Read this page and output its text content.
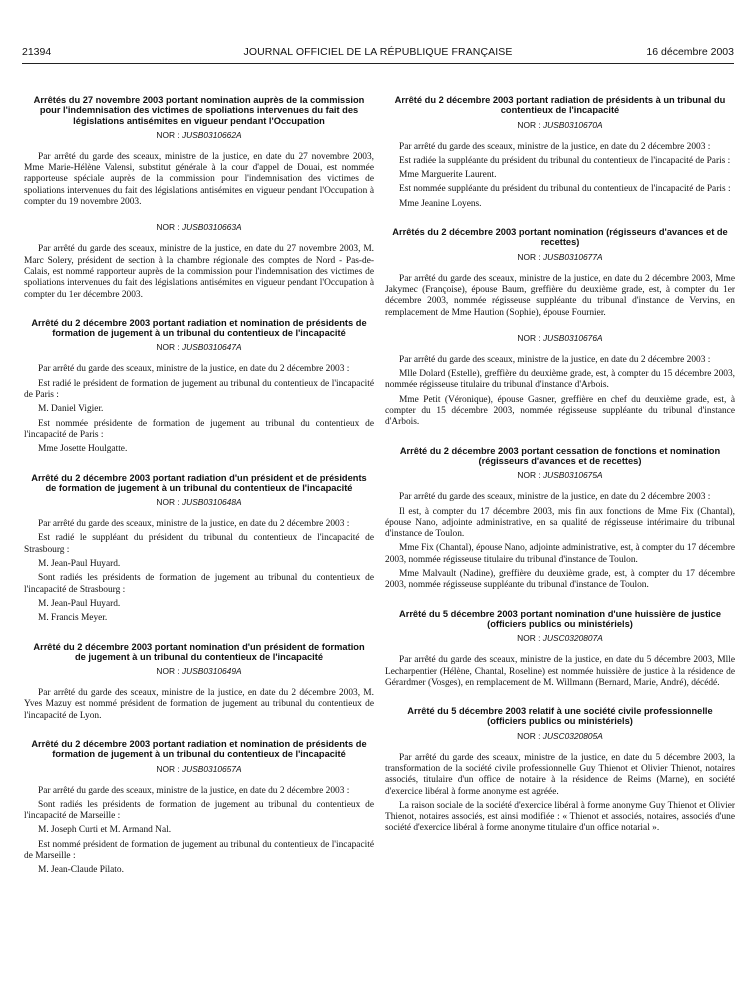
21394	JOURNAL OFFICIEL DE LA RÉPUBLIQUE FRANÇAISE	16 décembre 2003
Arrêtés du 27 novembre 2003 portant nomination auprès de la commission pour l'indemnisation des victimes de spoliations intervenues du fait des législations antisémites en vigueur pendant l'Occupation
NOR : JUSB0310662A

Par arrêté du garde des sceaux, ministre de la justice, en date du 27 novembre 2003, Mme Marie-Hélène Valensi, substitut générale à la cour d'appel de Douai, est nommée rapporteuse spéciale auprès de la commission pour l'indemnisation des victimes de spoliations intervenues du fait des législations antisémites en vigueur pendant l'Occupation à compter du 19 novembre 2003.

NOR : JUSB0310663A

Par arrêté du garde des sceaux, ministre de la justice, en date du 27 novembre 2003, M. Marc Solery, président de section à la chambre régionale des comptes de Nord - Pas-de-Calais, est nommé rapporteur auprès de la commission pour l'indemnisation des victimes de spoliations intervenues du fait des législations antisémites en vigueur pendant l'Occupation à compter du 1er décembre 2003.

Arrêté du 2 décembre 2003 portant radiation et nomination de présidents de formation de jugement à un tribunal du contentieux de l'incapacité
NOR : JUSB0310647A

Par arrêté du garde des sceaux, ministre de la justice, en date du 2 décembre 2003 :

Est radié le président de formation de jugement au tribunal du contentieux de l'incapacité de Paris :

M. Daniel Vigier.

Est nommée présidente de formation de jugement au tribunal du contentieux de l'incapacité de Paris :

Mme Josette Houlgatte.

Arrêté du 2 décembre 2003 portant radiation d'un président et de présidents de formation de jugement à un tribunal du contentieux de l'incapacité
NOR : JUSB0310648A

Par arrêté du garde des sceaux, ministre de la justice, en date du 2 décembre 2003 :

Est radié le suppléant du président du tribunal du contentieux de l'incapacité de Strasbourg :

M. Jean-Paul Huyard.

Sont radiés les présidents de formation de jugement au tribunal du contentieux de l'incapacité de Strasbourg :

M. Jean-Paul Huyard.

M. Francis Meyer.

Arrêté du 2 décembre 2003 portant nomination d'un président de formation de jugement à un tribunal du contentieux de l'incapacité
NOR : JUSB0310649A

Par arrêté du garde des sceaux, ministre de la justice, en date du 2 décembre 2003, M. Yves Mazuy est nommé président de formation de jugement au tribunal du contentieux de l'incapacité de Lyon.

Arrêté du 2 décembre 2003 portant radiation et nomination de présidents de formation de jugement à un tribunal du contentieux de l'incapacité
NOR : JUSB0310657A

Par arrêté du garde des sceaux, ministre de la justice, en date du 2 décembre 2003 :

Sont radiés les présidents de formation de jugement au tribunal du contentieux de l'incapacité de Marseille :

M. Joseph Curti et M. Armand Nal.

Est nommé président de formation de jugement au tribunal du contentieux de l'incapacité de Marseille :

M. Jean-Claude Pilato.

Arrêté du 2 décembre 2003 portant radiation de présidents à un tribunal du contentieux de l'incapacité
NOR : JUSB0310670A

Par arrêté du garde des sceaux, ministre de la justice, en date du 2 décembre 2003 :

Est radiée la suppléante du président du tribunal du contentieux de l'incapacité de Paris :

Mme Marguerite Laurent.

Est nommée suppléante du président du tribunal du contentieux de l'incapacité de Paris :

Mme Jeanine Loyens.

Arrêtés du 2 décembre 2003 portant nomination (régisseurs d'avances et de recettes)
NOR : JUSB0310677A

Par arrêté du garde des sceaux, ministre de la justice, en date du 2 décembre 2003, Mme Jakymec (Françoise), épouse Baum, greffière du deuxième grade, est, à compter du 1er décembre 2003, nommée régisseuse suppléante du tribunal d'instance de Vervins, en remplacement de Mme Haution (Sophie), épouse Fournier.

NOR : JUSB0310676A

Par arrêté du garde des sceaux, ministre de la justice, en date du 2 décembre 2003 :

Mlle Dolard (Estelle), greffière du deuxième grade, est, à compter du 15 décembre 2003, nommée régisseuse titulaire du tribunal d'instance d'Arbois.

Mme Petit (Véronique), épouse Gasner, greffière en chef du deuxième grade, est, à compter du 15 décembre 2003, nommée régisseuse suppléante du tribunal d'instance d'Arbois.

Arrêté du 2 décembre 2003 portant cessation de fonctions et nomination (régisseurs d'avances et de recettes)
NOR : JUSB0310675A

Par arrêté du garde des sceaux, ministre de la justice, en date du 2 décembre 2003 :

Il est, à compter du 17 décembre 2003, mis fin aux fonctions de Mme Fix (Chantal), épouse Nano, adjointe administrative, en sa qualité de régisseuse intérimaire du tribunal d'instance de Toulon.

Mme Fix (Chantal), épouse Nano, adjointe administrative, est, à compter du 17 décembre 2003, nommée régisseuse titulaire du tribunal d'instance de Toulon.

Mme Malvault (Nadine), greffière du deuxième grade, est, à compter du 17 décembre 2003, nommée régisseuse suppléante du tribunal d'instance de Toulon.

Arrêté du 5 décembre 2003 portant nomination d'une huissière de justice (officiers publics ou ministériels)
NOR : JUSC0320807A

Par arrêté du garde des sceaux, ministre de la justice, en date du 5 décembre 2003, Mlle Lecharpentier (Hélène, Chantal, Roseline) est nommée huissière de justice à la résidence de Gérardmer (Vosges), en remplacement de M. Willmann (Bernard, Marie, André), décédé.

Arrêté du 5 décembre 2003 relatif à une société civile professionnelle (officiers publics ou ministériels)
NOR : JUSC0320805A

Par arrêté du garde des sceaux, ministre de la justice, en date du 5 décembre 2003, la transformation de la société civile professionnelle Guy Thienot et Olivier Thienot, notaires associés, titulaire d'un office de notaire à la résidence de Reims (Marne), en société d'exercice libéral à forme anonyme est agréée.

La raison sociale de la société d'exercice libéral à forme anonyme Guy Thienot et Olivier Thienot, notaires associés, est ainsi modifiée : « Thienot et associés, notaires, associés d'une société d'exercice libéral à forme anonyme titulaire d'un office notarial ».
